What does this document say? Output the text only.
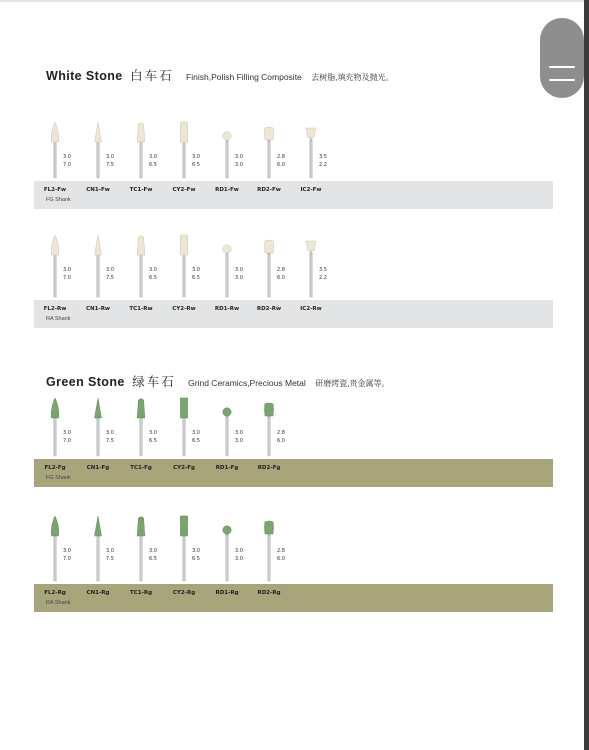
White Stone 白车石 Finish,Polish Filling Composite 去树脂,填充物及抛光。
FG Shank
RA Shank
Green Stone 绿车石 Grind Ceramics,Precious Metal 研磨烤瓷,贵金属等。
FG Shank
RA Shank
3.0
7.0
FL2-Fw
3.0
7.5
CN1-Fw
3.0
6.5
TC1-Fw
3.0
6.5
CY2-Fw
3.0
3.0
RD1-Fw
2.8
6.0
RD2-Fw
3.5
2.2
IC2-Fw
3.0
7.0
FL2-Rw
3.0
7.5
CN1-Rw
3.0
6.5
TC1-Rw
3.0
6.5
CY2-Rw
3.0
3.0
RD1-Rw
2.8
6.0
RD2-Rw
3.5
2.2
IC2-Rw
3.0
7.0
FL2-Fg
3.0
7.5
CN1-Fg
3.0
6.5
TC1-Fg
3.0
6.5
CY2-Fg
3.0
3.0
RD1-Fg
2.8
6.0
RD2-Fg
3.0
7.0
FL2-Rg
3.0
7.5
CN1-Rg
3.0
6.5
TC1-Rg
3.0
6.5
CY2-Rg
3.0
3.0
RD1-Rg
2.8
6.0
RD2-Rg
